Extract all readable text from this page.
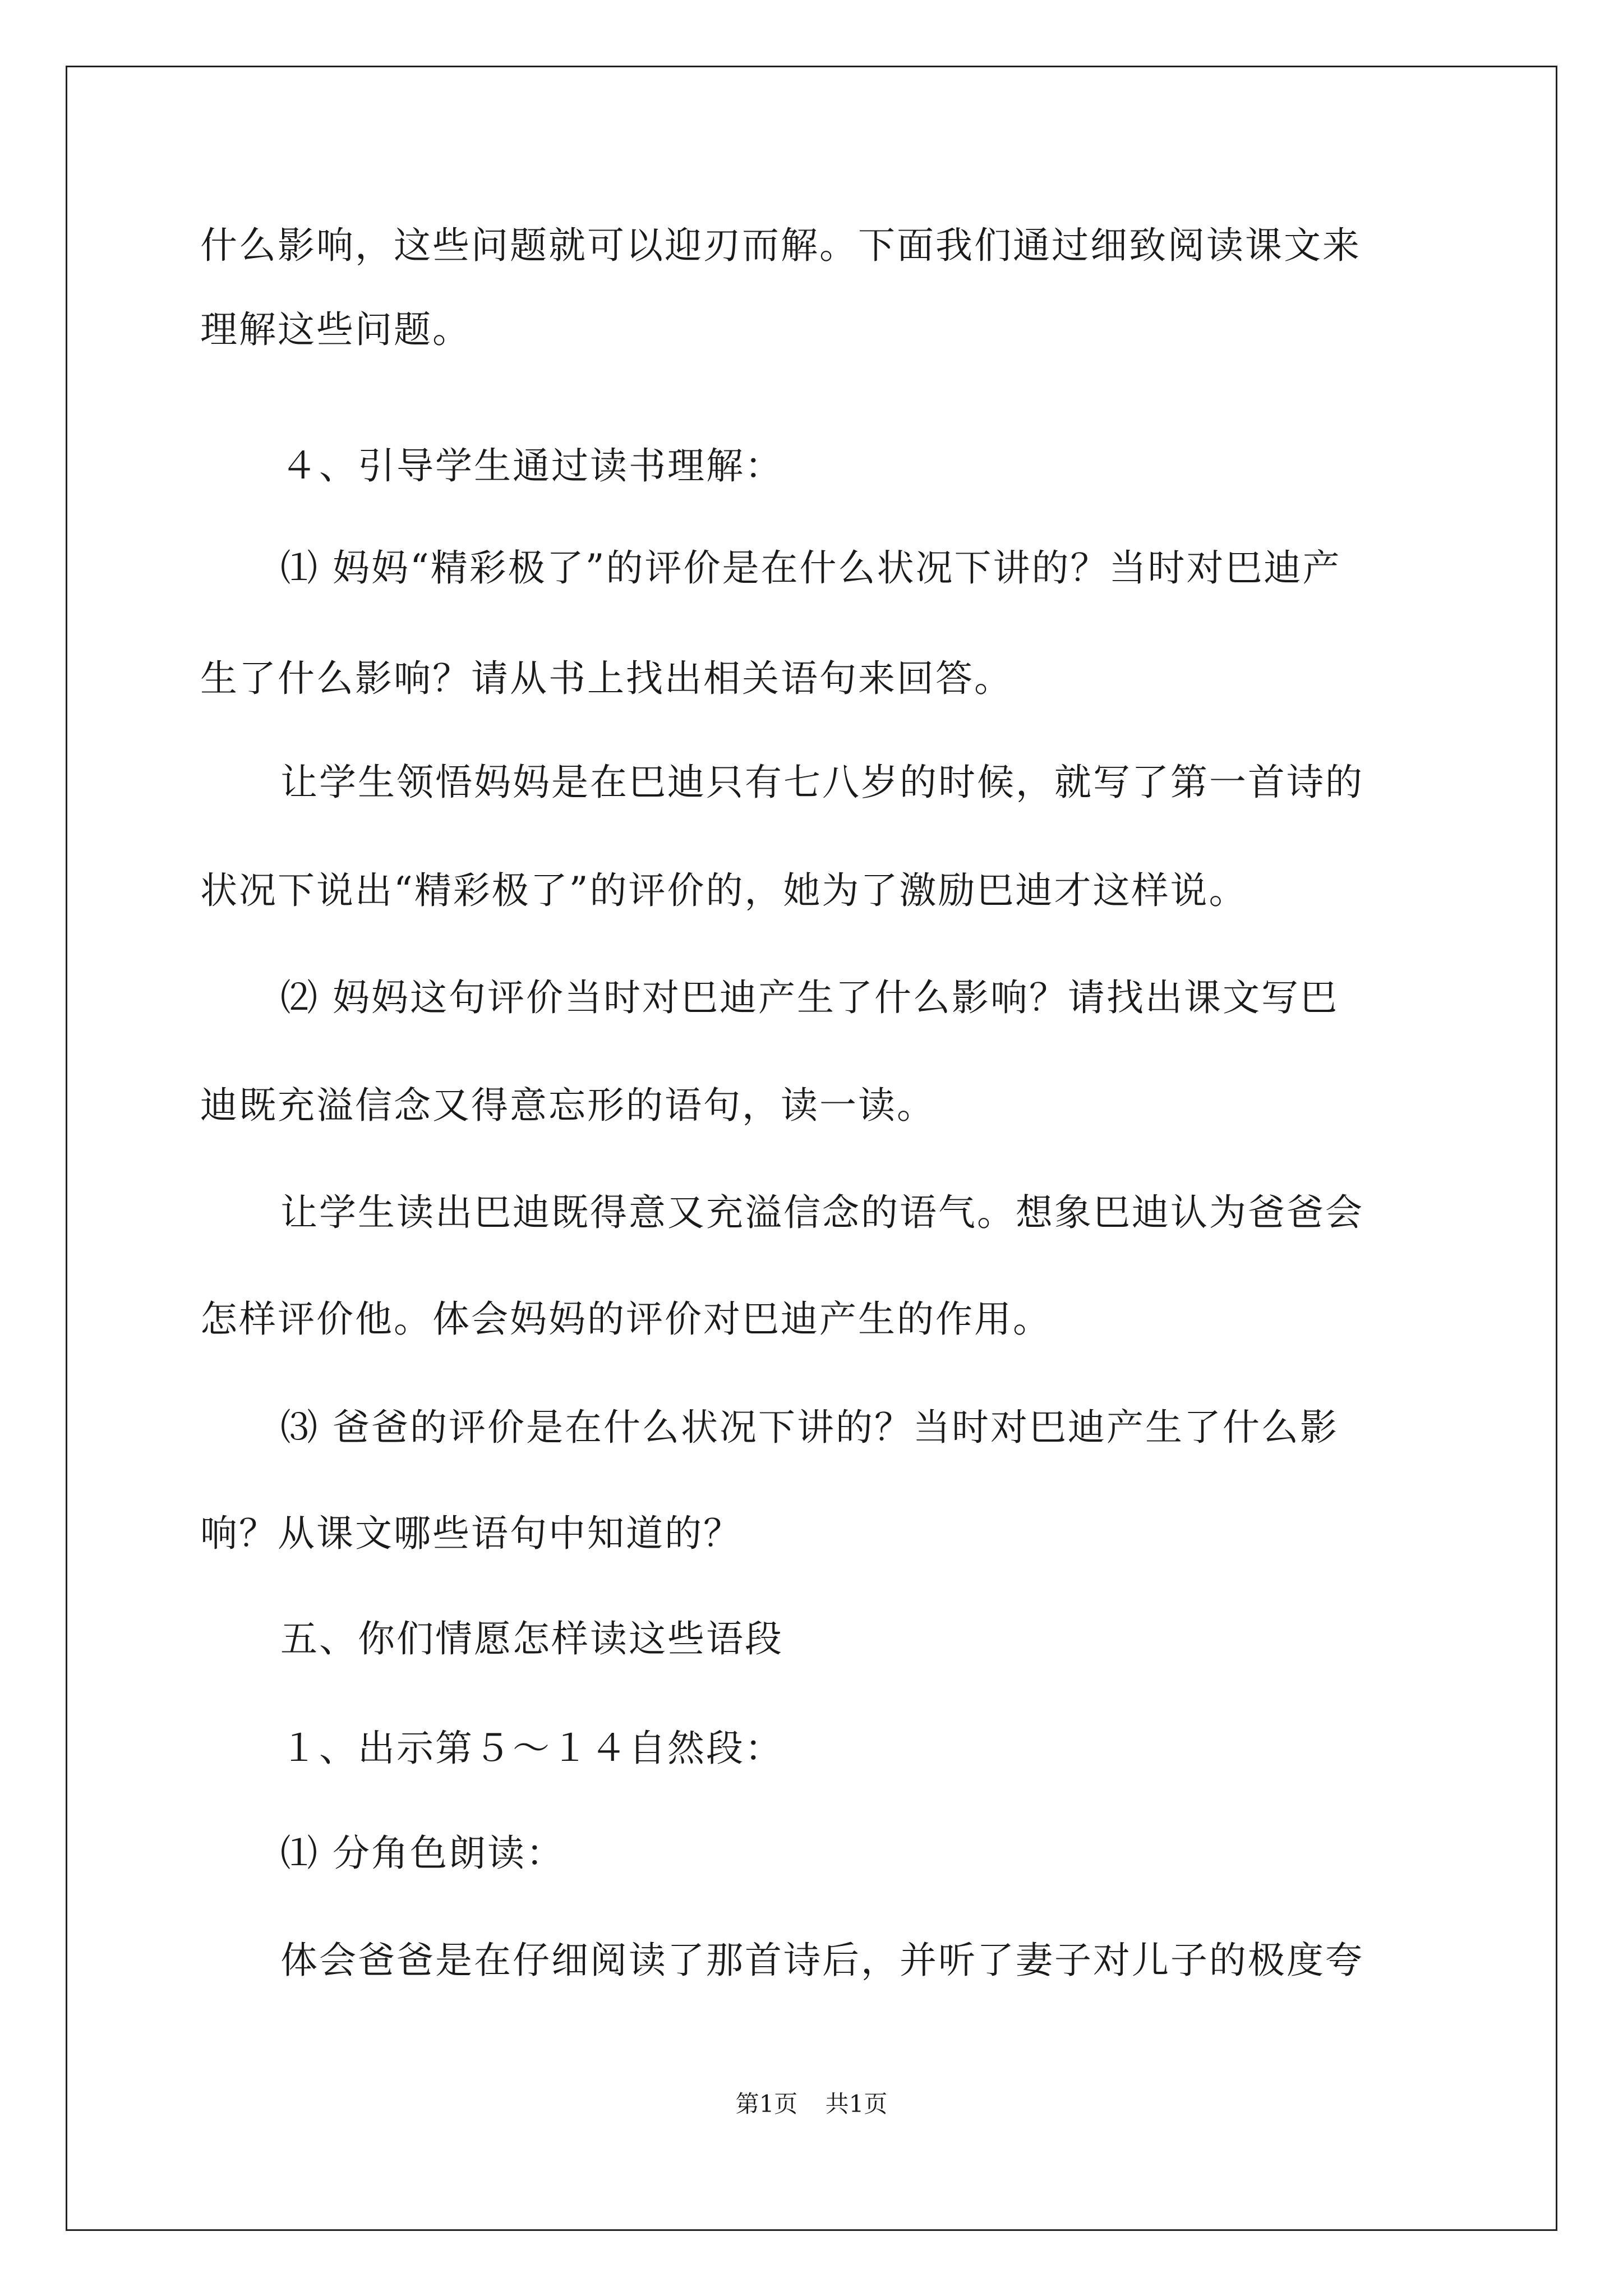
什么影响，这些问题就可以迎刃而解。下面我们通过细致阅读课文来
理解这些问题。
４、引导学生通过读书理解：
⑴ 妈妈“精彩极了”的评价是在什么状况下讲的？当时对巴迪产
生了什么影响？请从书上找出相关语句来回答。
让学生领悟妈妈是在巴迪只有七八岁的时候，就写了第一首诗的
状况下说出“精彩极了”的评价的，她为了激励巴迪才这样说。
⑵ 妈妈这句评价当时对巴迪产生了什么影响？请找出课文写巴
迪既充溢信念又得意忘形的语句，读一读。
让学生读出巴迪既得意又充溢信念的语气。想象巴迪认为爸爸会
怎样评价他。体会妈妈的评价对巴迪产生的作用。
⑶ 爸爸的评价是在什么状况下讲的？当时对巴迪产生了什么影
响？从课文哪些语句中知道的？
五、你们情愿怎样读这些语段
１、出示第５～１４自然段：
⑴ 分角色朗读：
体会爸爸是在仔细阅读了那首诗后，并听了妻子对儿子的极度夸
第1页 共1页
